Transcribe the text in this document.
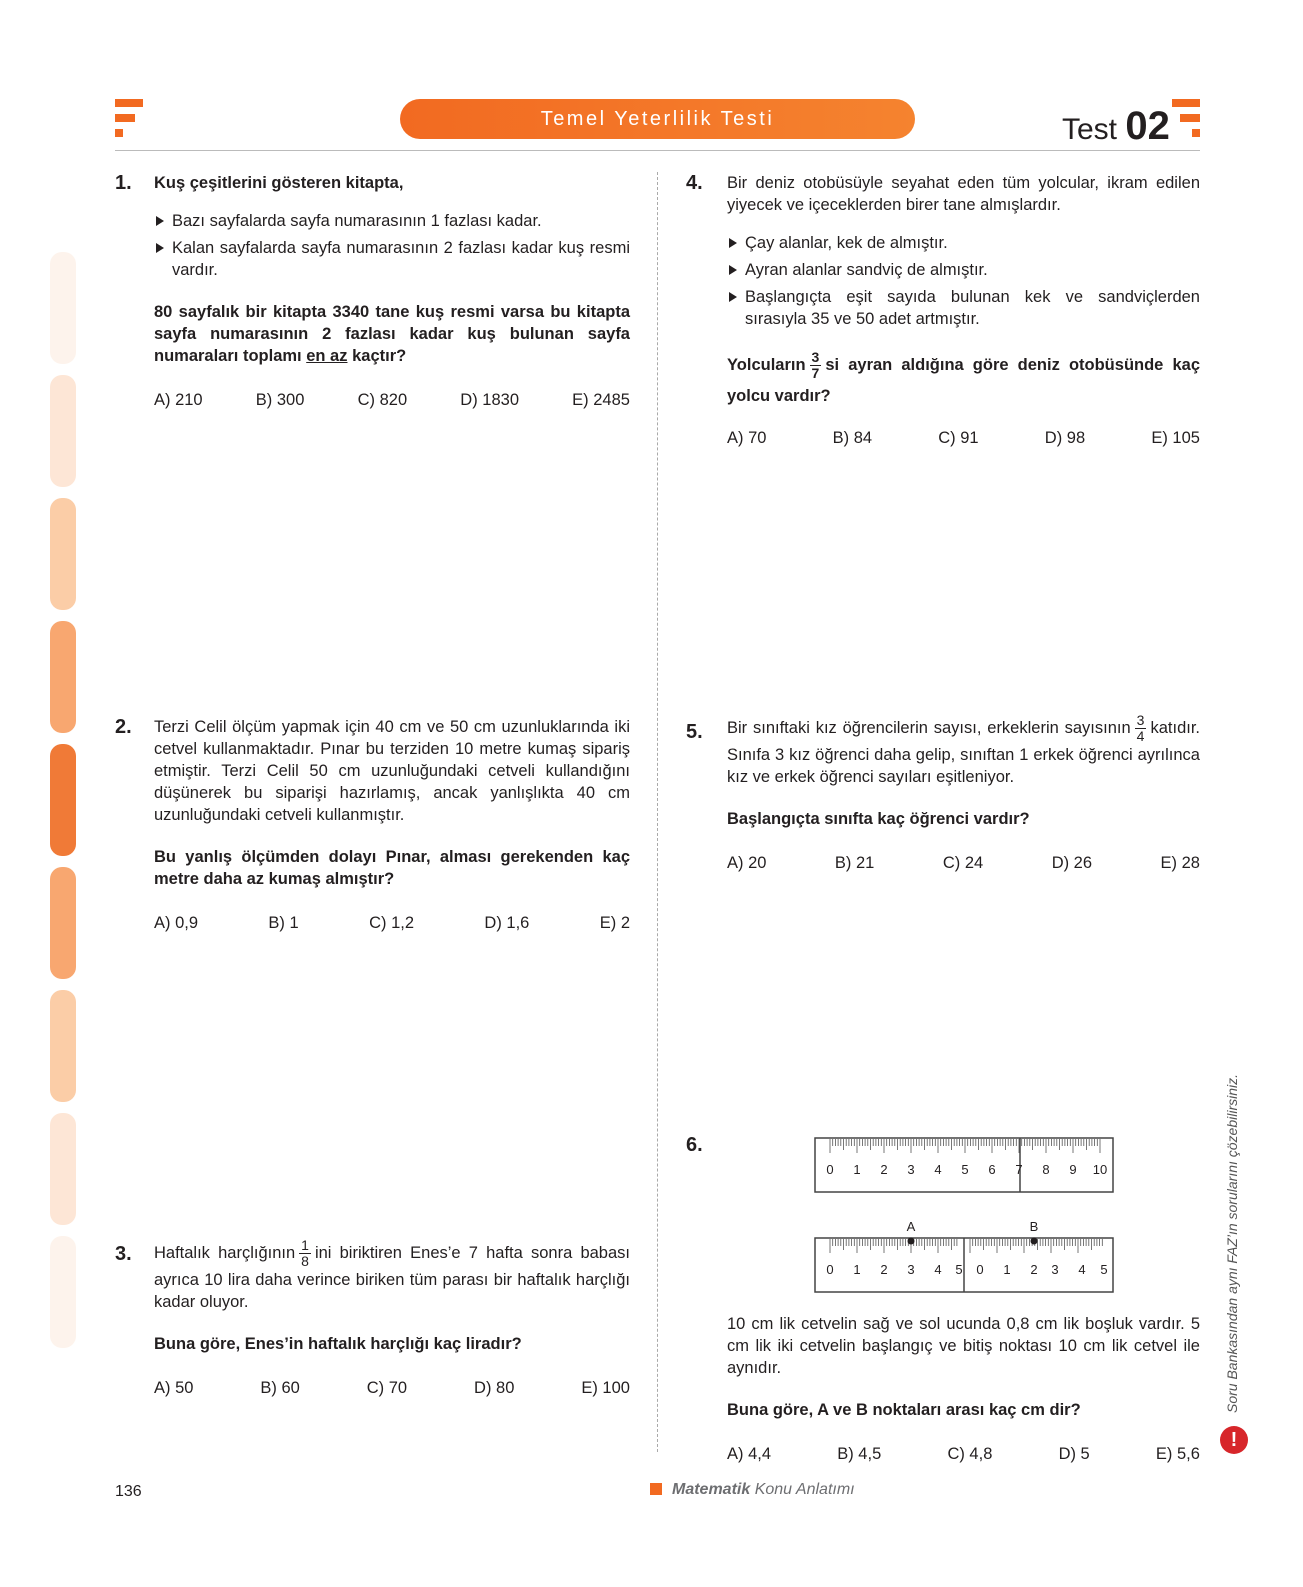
Temel Yeterlilik Testi	Test 02
1. Kuş çeşitlerini gösteren kitapta,

Bazı sayfalarda sayfa numarasının 1 fazlası kadar.
Kalan sayfalarda sayfa numarasının 2 fazlası kadar kuş resmi vardır.

80 sayfalık bir kitapta 3340 tane kuş resmi varsa bu kitapta sayfa numarasının 2 fazlası kadar kuş bulunan sayfa numaraları toplamı en az kaçtır?

A) 210	B) 300	C) 820	D) 1830	E) 2485
2. Terzi Celil ölçüm yapmak için 40 cm ve 50 cm uzunluklarında iki cetvel kullanmaktadır. Pınar bu terziden 10 metre kumaş sipariş etmiştir. Terzi Celil 50 cm uzunluğundaki cetveli kullandığını düşünerek bu siparişi hazırlamış, ancak yanlışlıkta 40 cm uzunluğundaki cetveli kullanmıştır.

Bu yanlış ölçümden dolayı Pınar, alması gerekenden kaç metre daha az kumaş almıştır?

A) 0,9	B) 1	C) 1,2	D) 1,6	E) 2
3. Haftalık harçlığının $\frac{1}{8}$ ini biriktiren Enes’e 7 hafta sonra babası ayrıca 10 lira daha verince biriken tüm parası bir haftalık harçlığı kadar oluyor.

Buna göre, Enes’in haftalık harçlığı kaç liradır?

A) 50	B) 60	C) 70	D) 80	E) 100
4. Bir deniz otobüsüyle seyahat eden tüm yolcular, ikram edilen yiyecek ve içeceklerden birer tane almışlardır.

Çay alanlar, kek de almıştır.
Ayran alanlar sandviç de almıştır.
Başlangıçta eşit sayıda bulunan kek ve sandviçlerden sırasıyla 35 ve 50 adet artmıştır.

Yolcuların $\frac{3}{7}$ si ayran aldığına göre deniz otobüsünde kaç yolcu vardır?

A) 70	B) 84	C) 91	D) 98	E) 105
5. Bir sınıftaki kız öğrencilerin sayısı, erkeklerin sayısının $\frac{3}{4}$ katıdır. Sınıfa 3 kız öğrenci daha gelip, sınıftan 1 erkek öğrenci ayrılınca kız ve erkek öğrenci sayıları eşitleniyor.

Başlangıçta sınıfta kaç öğrenci vardır?

A) 20	B) 21	C) 24	D) 26	E) 28
6.
0 1 2 3 4 5 6 7 8 9 10
0 1 2 3 4 5 0 1 2 3 4 5
A	B

10 cm lik cetvelin sağ ve sol ucunda 0,8 cm lik boşluk vardır. 5 cm lik iki cetvelin başlangıç ve bitiş noktası 10 cm lik cetvel ile aynıdır.

Buna göre, A ve B noktaları arası kaç cm dir?

A) 4,4	B) 4,5	C) 4,8	D) 5	E) 5,6
Soru Bankasından aynı FAZ’ın sorularını çözebilirsiniz.
!
136	Matematik Konu Anlatımı
